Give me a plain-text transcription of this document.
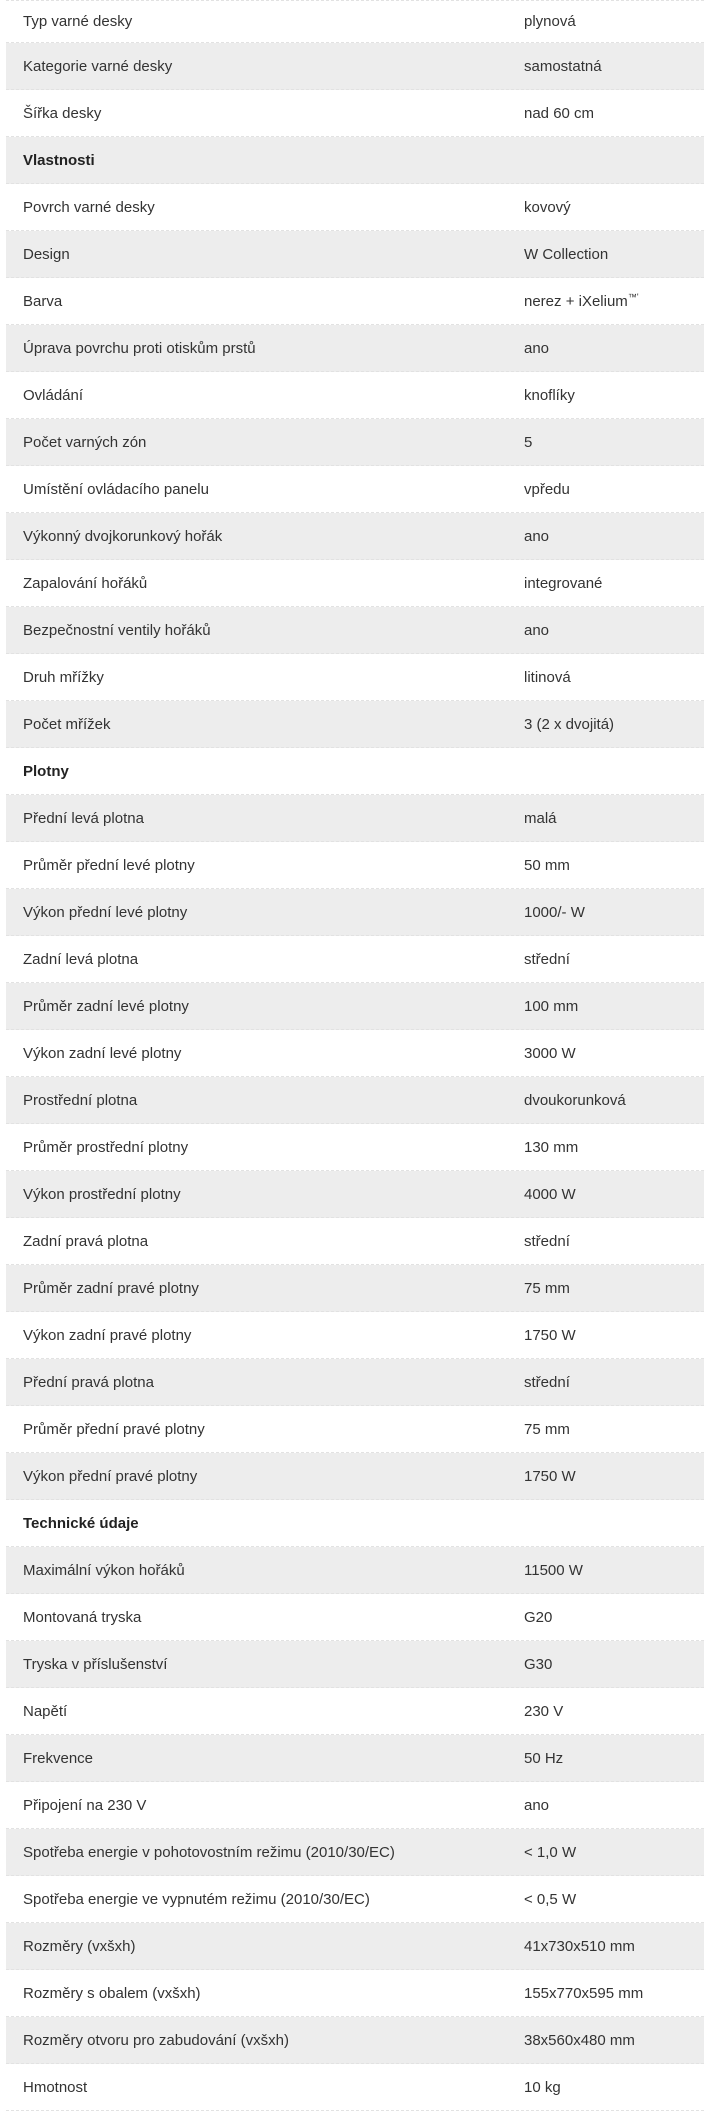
Typ varné desky	plynová
Kategorie varné desky	samostatná
Šířka desky	nad 60 cm
Vlastnosti
Povrch varné desky	kovový
Design	W Collection
Barva	nerez + iXelium™'
Úprava povrchu proti otiskům prstů	ano
Ovládání	knoflíky
Počet varných zón	5
Umístění ovládacího panelu	vpředu
Výkonný dvojkorunkový hořák	ano
Zapalování hořáků	integrované
Bezpečnostní ventily hořáků	ano
Druh mřížky	litinová
Počet mřížek	3 (2 x dvojitá)
Plotny
Přední levá plotna	malá
Průměr přední levé plotny	50 mm
Výkon přední levé plotny	1000/- W
Zadní levá plotna	střední
Průměr zadní levé plotny	100 mm
Výkon zadní levé plotny	3000 W
Prostřední plotna	dvoukorunková
Průměr prostřední plotny	130 mm
Výkon prostřední plotny	4000 W
Zadní pravá plotna	střední
Průměr zadní pravé plotny	75 mm
Výkon zadní pravé plotny	1750 W
Přední pravá plotna	střední
Průměr přední pravé plotny	75 mm
Výkon přední pravé plotny	1750 W
Technické údaje
Maximální výkon hořáků	11500 W
Montovaná tryska	G20
Tryska v příslušenství	G30
Napětí	230 V
Frekvence	50 Hz
Připojení na 230 V	ano
Spotřeba energie v pohotovostním režimu (2010/30/EC)	< 1,0 W
Spotřeba energie ve vypnutém režimu (2010/30/EC)	< 0,5 W
Rozměry (vxšxh)	41x730x510 mm
Rozměry s obalem (vxšxh)	155x770x595 mm
Rozměry otvoru pro zabudování (vxšxh)	38x560x480 mm
Hmotnost	10 kg
